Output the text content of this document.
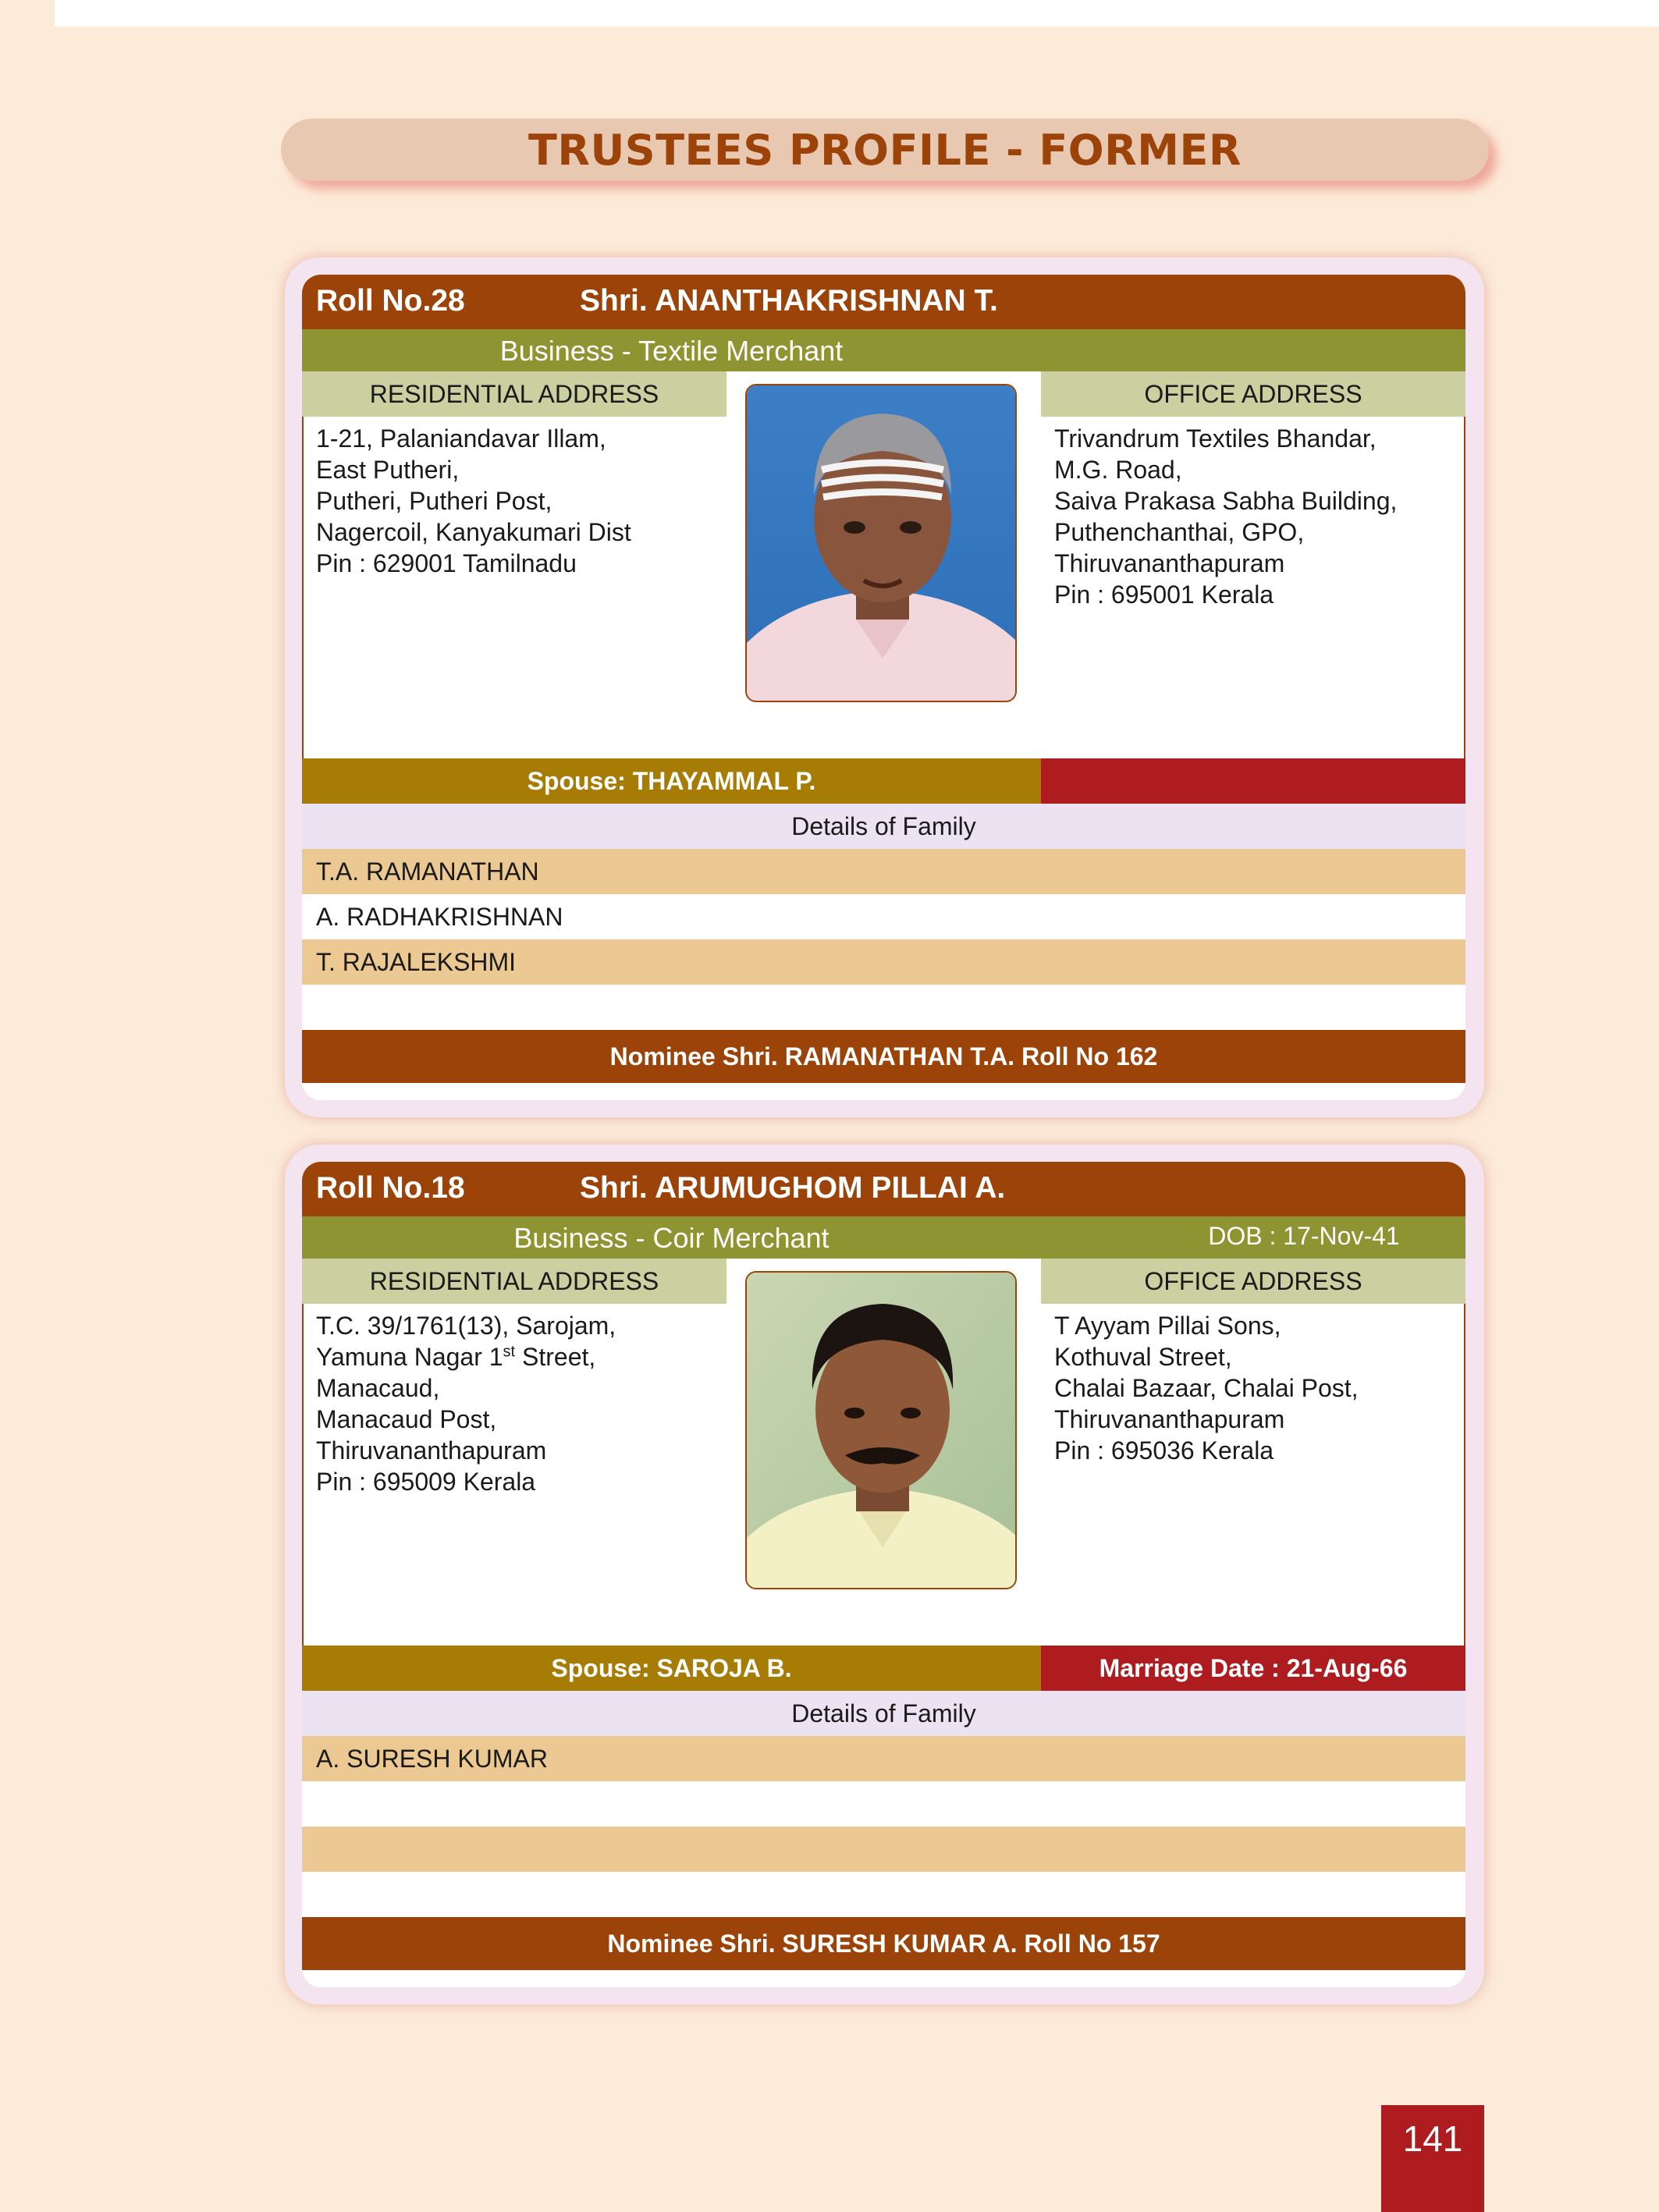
TRUSTEES PROFILE - FORMER
Roll No.28	Shri. ANANTHAKRISHNAN T.
Business - Textile Merchant
RESIDENTIAL ADDRESS	OFFICE ADDRESS
1-21, Palaniandavar Illam,
East Putheri,
Putheri, Putheri Post,
Nagercoil, Kanyakumari Dist
Pin : 629001 Tamilnadu
Trivandrum Textiles Bhandar,
M.G. Road,
Saiva Prakasa Sabha Building,
Puthenchanthai, GPO,
Thiruvananthapuram
Pin : 695001 Kerala
Spouse: THAYAMMAL P.
Details of Family
T.A. RAMANATHAN
A. RADHAKRISHNAN
T. RAJALEKSHMI
Nominee Shri. RAMANATHAN T.A. Roll No 162
Roll No.18	Shri. ARUMUGHOM PILLAI A.
Business - Coir Merchant	DOB : 17-Nov-41
RESIDENTIAL ADDRESS	OFFICE ADDRESS
T.C. 39/1761(13), Sarojam,
Yamuna Nagar 1st Street,
Manacaud,
Manacaud Post,
Thiruvananthapuram
Pin : 695009 Kerala
T Ayyam Pillai Sons,
Kothuval Street,
Chalai Bazaar, Chalai Post,
Thiruvananthapuram
Pin : 695036 Kerala
Spouse: SAROJA B.	Marriage Date : 21-Aug-66
Details of Family
A. SURESH KUMAR
Nominee Shri. SURESH KUMAR A. Roll No 157
141
